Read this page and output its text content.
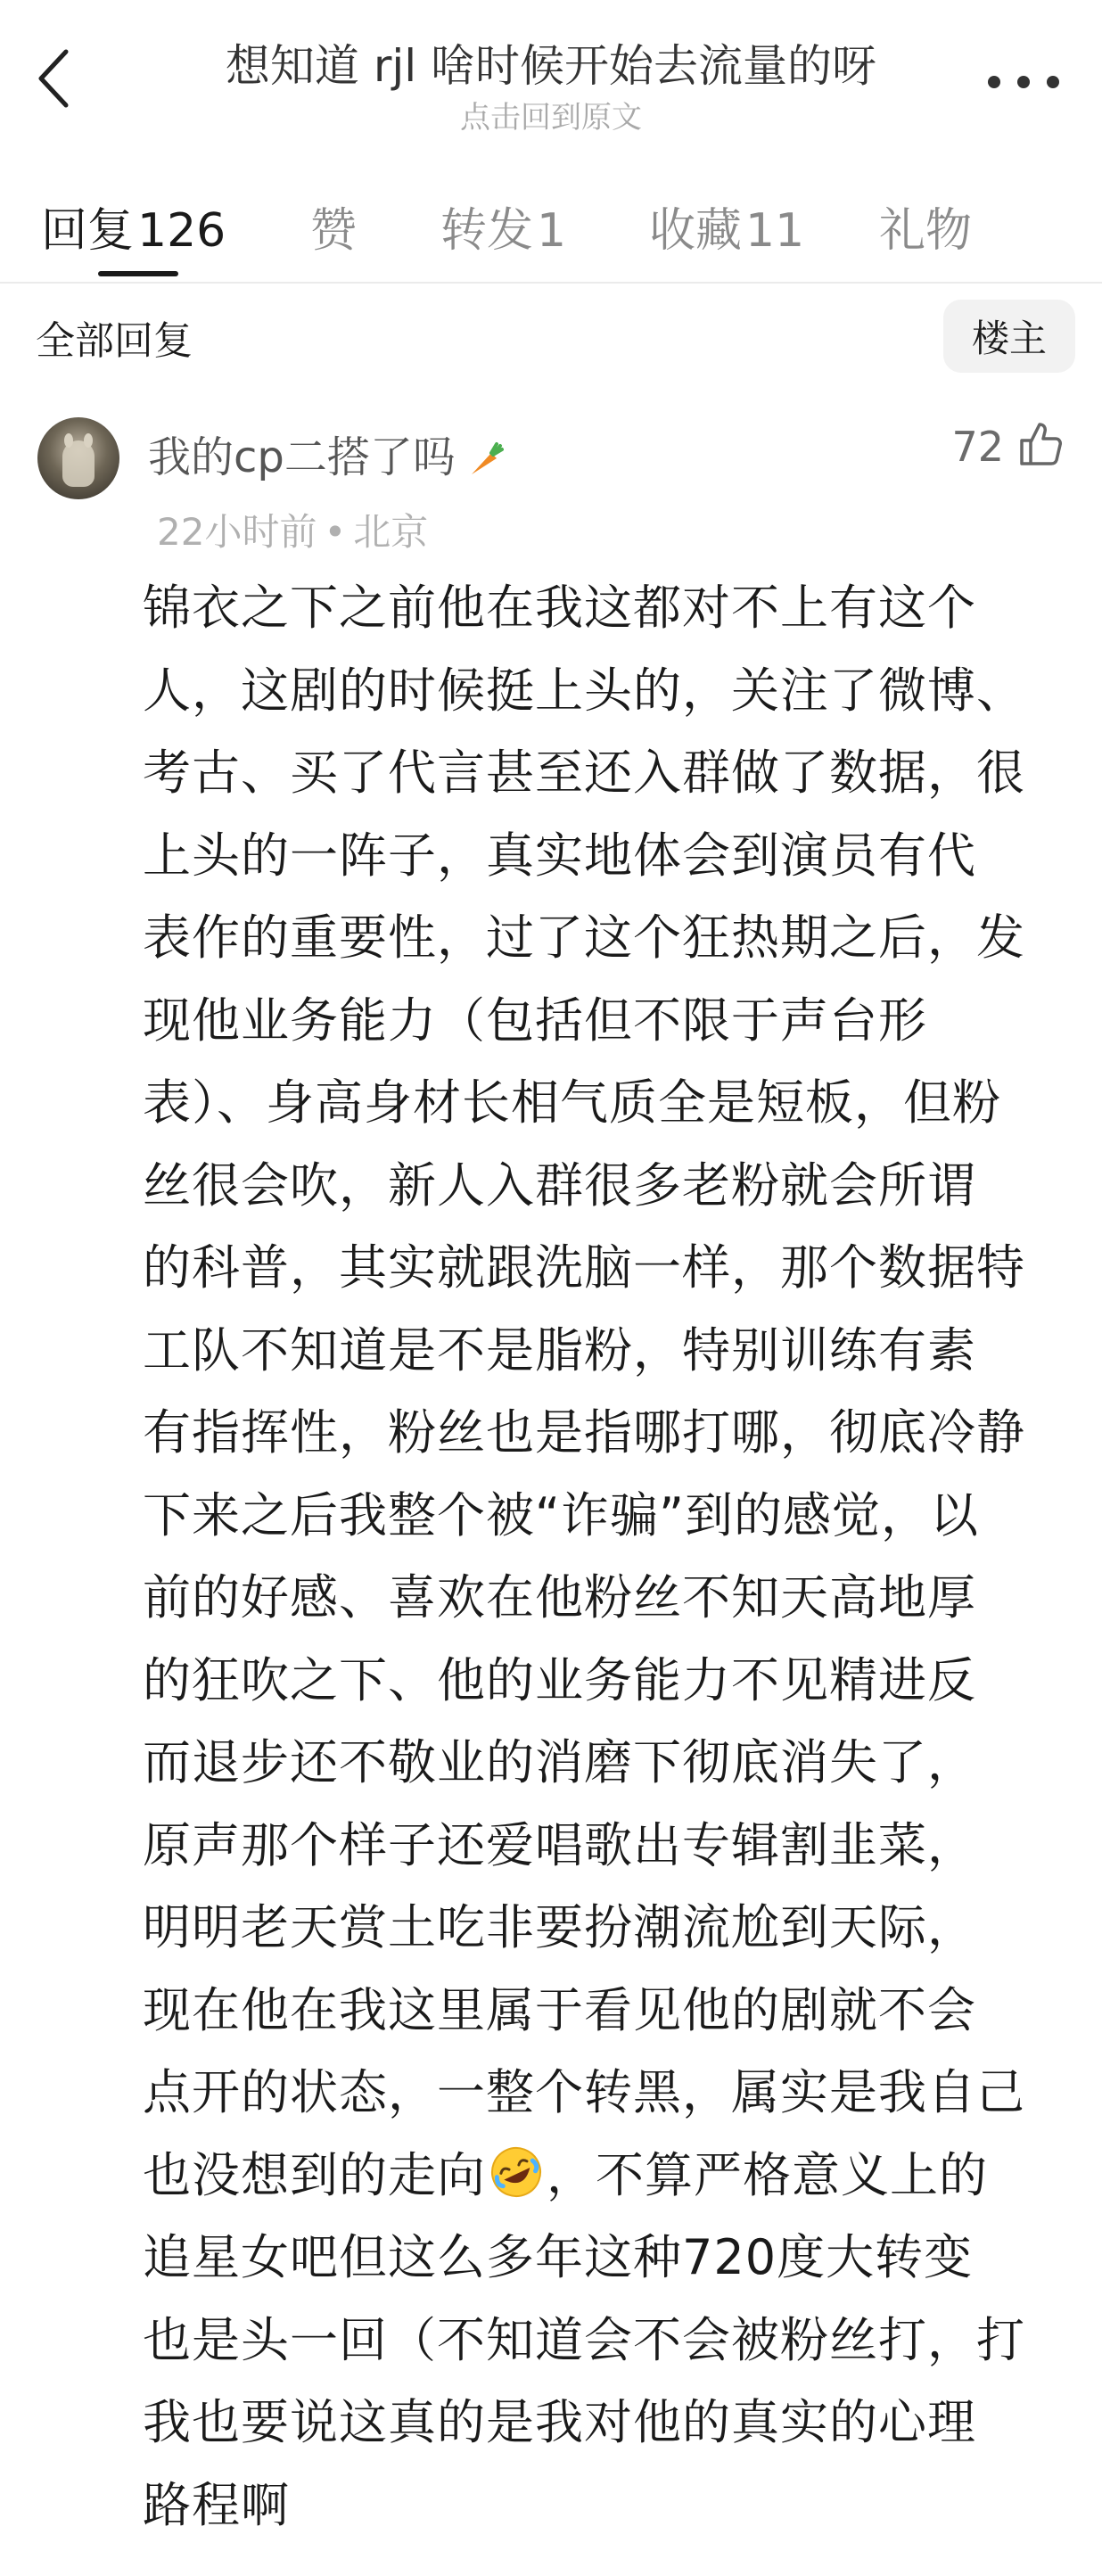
想知道 rjl 啥时候开始去流量的呀
点击回到原文
回复126 赞 转发1 收藏11 礼物
全部回复	楼主
我的cp二搭了吗	72
22小时前 • 北京
锦衣之下之前他在我这都对不上有这个
人，这剧的时候挺上头的，关注了微博、
考古、买了代言甚至还入群做了数据，很
上头的一阵子，真实地体会到演员有代
表作的重要性，过了这个狂热期之后，发
现他业务能力（包括但不限于声台形
表）、身高身材长相气质全是短板，但粉
丝很会吹，新人入群很多老粉就会所谓
的科普，其实就跟洗脑一样，那个数据特
工队不知道是不是脂粉，特别训练有素
有指挥性，粉丝也是指哪打哪，彻底冷静
下来之后我整个被“诈骗”到的感觉，以
前的好感、喜欢在他粉丝不知天高地厚
的狂吹之下、他的业务能力不见精进反
而退步还不敬业的消磨下彻底消失了，
原声那个样子还爱唱歌出专辑割韭菜，
明明老天赏土吃非要扮潮流尬到天际，
现在他在我这里属于看见他的剧就不会
点开的状态，一整个转黑，属实是我自己
也没想到的走向 ，不算严格意义上的
追星女吧但这么多年这种720度大转变
也是头一回（不知道会不会被粉丝打，打
我也要说这真的是我对他的真实的心理
路程啊
